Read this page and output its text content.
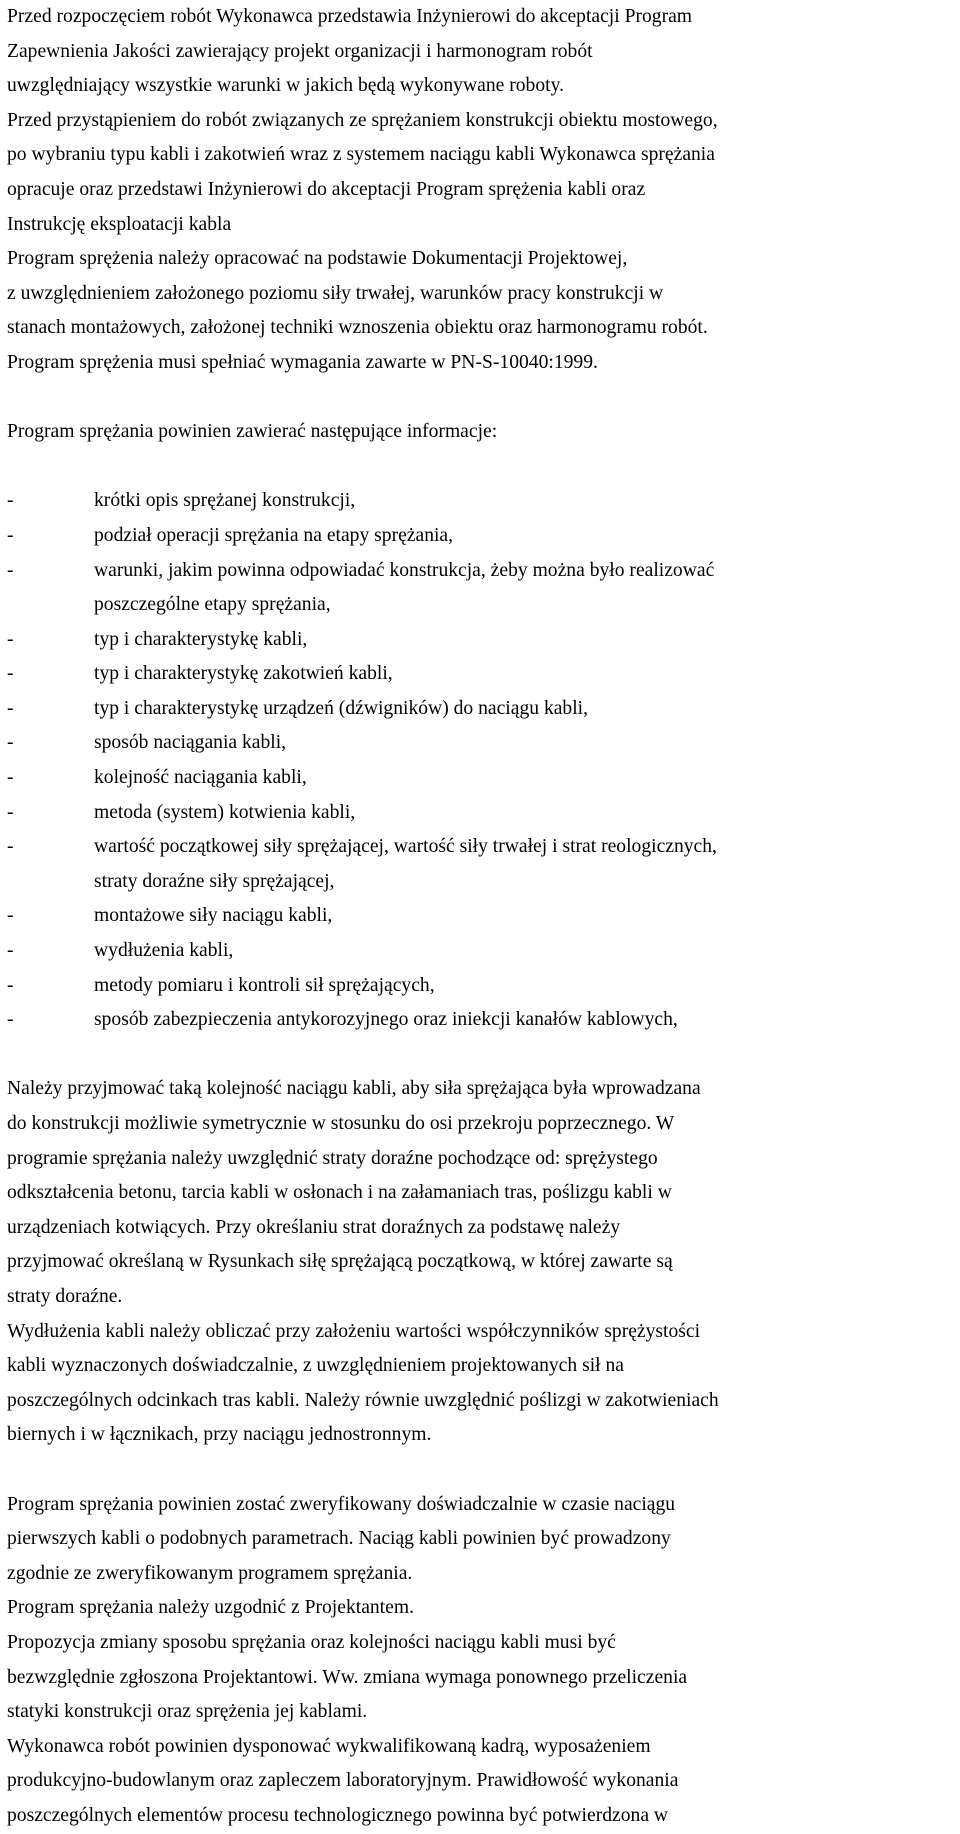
Przed rozpoczęciem robót Wykonawca przedstawia Inżynierowi do akceptacji Program
Zapewnienia Jakości zawierający projekt organizacji i harmonogram robót
uwzględniający wszystkie warunki w jakich będą wykonywane roboty.

Przed przystąpieniem do robót związanych ze sprężaniem konstrukcji obiektu mostowego,
po wybraniu typu kabli i zakotwień wraz z systemem naciągu kabli Wykonawca sprężania
opracuje oraz przedstawi Inżynierowi do akceptacji Program sprężenia kabli oraz
Instrukcję eksploatacji kabla

Program sprężenia należy opracować na podstawie Dokumentacji Projektowej,
z uwzględnieniem założonego poziomu siły trwałej, warunków pracy konstrukcji w
stanach montażowych, założonej techniki wznoszenia obiektu oraz harmonogramu robót.

Program sprężenia musi spełniać wymagania zawarte w PN-S-10040:1999.

Program sprężania powinien zawierać następujące informacje:

-	krótki opis sprężanej konstrukcji,
-	podział operacji sprężania na etapy sprężania,
-	warunki, jakim powinna odpowiadać konstrukcja, żeby można było realizować
poszczególne etapy sprężania,
-	typ i charakterystykę kabli,
-	typ i charakterystykę zakotwień kabli,
-	typ i charakterystykę urządzeń (dźwigników) do naciągu kabli,
-	sposób naciągania kabli,
-	kolejność naciągania kabli,
-	metoda (system) kotwienia kabli,
-	wartość początkowej siły sprężającej, wartość siły trwałej i strat reologicznych,
straty doraźne siły sprężającej,
-	montażowe siły naciągu kabli,
-	wydłużenia kabli,
-	metody pomiaru i kontroli sił sprężających,
-	sposób zabezpieczenia antykorozyjnego oraz iniekcji kanałów kablowych,

Należy przyjmować taką kolejność naciągu kabli, aby siła sprężająca była wprowadzana
do konstrukcji możliwie symetrycznie w stosunku do osi przekroju poprzecznego. W
programie sprężania należy uwzględnić straty doraźne pochodzące od: sprężystego
odkształcenia betonu, tarcia kabli w osłonach i na załamaniach tras, poślizgu kabli w
urządzeniach kotwiących. Przy określaniu strat doraźnych za podstawę należy
przyjmować określaną w Rysunkach siłę sprężającą początkową, w której zawarte są
straty doraźne.

Wydłużenia kabli należy obliczać przy założeniu wartości współczynników sprężystości
kabli wyznaczonych doświadczalnie, z uwzględnieniem projektowanych sił na
poszczególnych odcinkach tras kabli. Należy równie uwzględnić poślizgi w zakotwieniach
biernych i w łącznikach, przy naciągu jednostronnym.

Program sprężania powinien zostać zweryfikowany doświadczalnie w czasie naciągu
pierwszych kabli o podobnych parametrach. Naciąg kabli powinien być prowadzony
zgodnie ze zweryfikowanym programem sprężania.

Program sprężania należy uzgodnić z Projektantem.

Propozycja zmiany sposobu sprężania oraz kolejności naciągu kabli musi być
bezwzględnie zgłoszona Projektantowi. Ww. zmiana wymaga ponownego przeliczenia
statyki konstrukcji oraz sprężenia jej kablami.

Wykonawca robót powinien dysponować wykwalifikowaną kadrą, wyposażeniem
produkcyjno-budowlanym oraz zapleczem laboratoryjnym. Prawidłowość wykonania
poszczególnych elementów procesu technologicznego powinna być potwierdzona w
